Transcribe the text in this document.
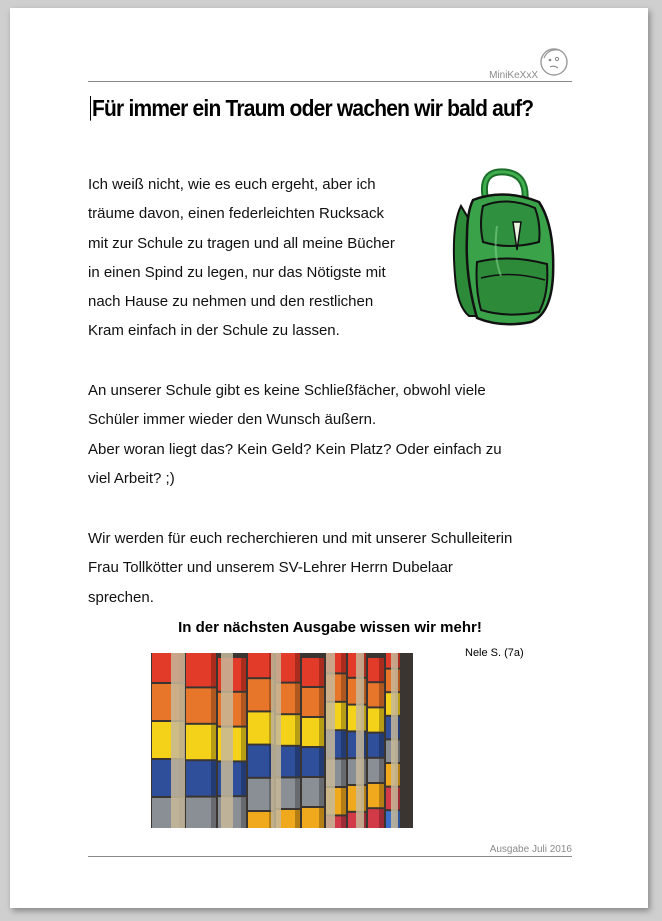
MiniKeXxX
Für immer ein Traum oder wachen wir bald auf?
Ich weiß nicht, wie es euch ergeht, aber ich
träume davon, einen federleichten Rucksack
mit zur Schule zu tragen und all meine Bücher
in einen Spind zu legen, nur das Nötigste mit
nach Hause zu nehmen und den restlichen
Kram einfach in der Schule zu lassen.
An unserer Schule gibt es keine Schließfächer, obwohl viele
Schüler immer wieder den Wunsch äußern.
Aber woran liegt das? Kein Geld? Kein Platz? Oder einfach zu
viel Arbeit? ;)
Wir werden für euch recherchieren und mit unserer Schulleiterin
Frau Tollkötter und unserem SV-Lehrer Herrn Dubelaar
sprechen.
In der nächsten Ausgabe wissen wir mehr!
Nele S. (7a)
Ausgabe Juli 2016
